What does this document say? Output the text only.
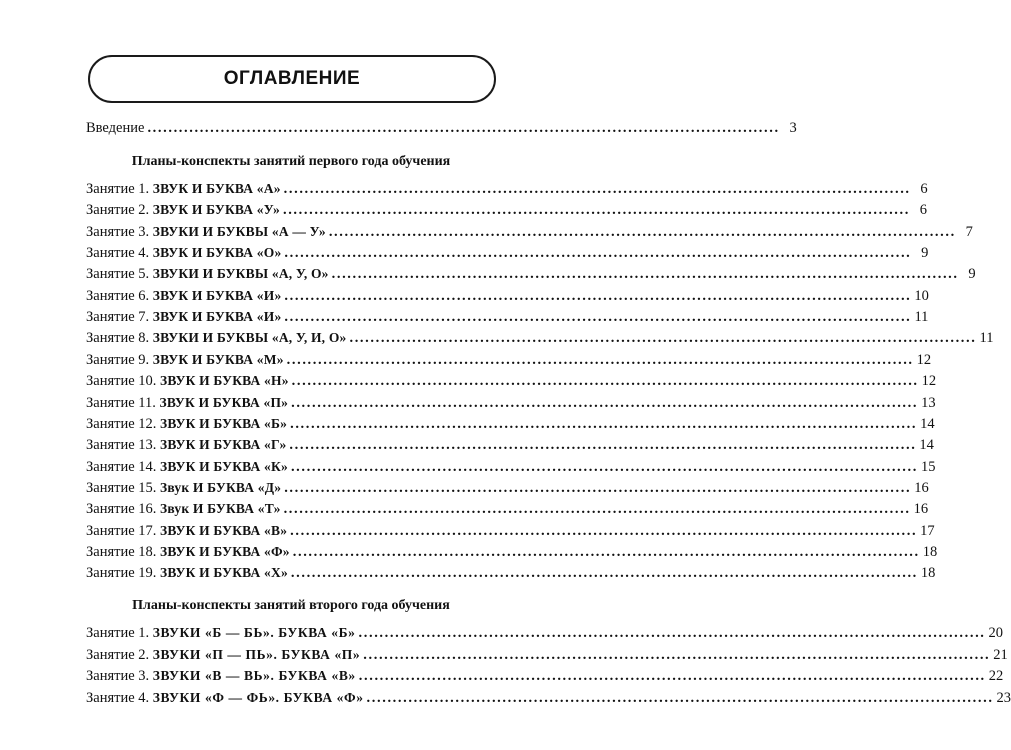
ОГЛАВЛЕНИЕ
Введение ......................................................................................................................... 3
Планы-конспекты занятий первого года обучения
Занятие 1. ЗВУК И БУКВА «А» ........................................................................................................................ 6
Занятие 2. ЗВУК И БУКВА «У» ........................................................................................................................ 6
Занятие 3. ЗВУКИ И БУКВЫ «А — У» ........................................................................................................................ 7
Занятие 4. ЗВУК И БУКВА «О» ........................................................................................................................ 9
Занятие 5. ЗВУКИ И БУКВЫ «А, У, О» ........................................................................................................................ 9
Занятие 6. ЗВУК И БУКВА «И» ........................................................................................................................ 10
Занятие 7. ЗВУК И БУКВА «И» ........................................................................................................................ 11
Занятие 8. ЗВУКИ И БУКВЫ «А, У, И, О» ........................................................................................................................ 11
Занятие 9. ЗВУК И БУКВА «М» ........................................................................................................................ 12
Занятие 10. ЗВУК И БУКВА «Н» ........................................................................................................................ 12
Занятие 11. ЗВУК И БУКВА «П» ........................................................................................................................ 13
Занятие 12. ЗВУК И БУКВА «Б» ........................................................................................................................ 14
Занятие 13. ЗВУК И БУКВА «Г» ........................................................................................................................ 14
Занятие 14. ЗВУК И БУКВА «К» ........................................................................................................................ 15
Занятие 15. Звук И БУКВА «Д» ........................................................................................................................ 16
Занятие 16. Звук И БУКВА «Т» ........................................................................................................................ 16
Занятие 17. ЗВУК И БУКВА «В» ........................................................................................................................ 17
Занятие 18. ЗВУК И БУКВА «Ф» ........................................................................................................................ 18
Занятие 19. ЗВУК И БУКВА «Х» ........................................................................................................................ 18
Планы-конспекты занятий второго года обучения
Занятие 1. ЗВУКИ «Б — БЬ». БУКВА «Б» ........................................................................................................................ 20
Занятие 2. ЗВУКИ «П — ПЬ». БУКВА «П» ........................................................................................................................ 21
Занятие 3. ЗВУКИ «В — ВЬ». БУКВА «В» ........................................................................................................................ 22
Занятие 4. ЗВУКИ «Ф — ФЬ». БУКВА «Ф» ........................................................................................................................ 23
